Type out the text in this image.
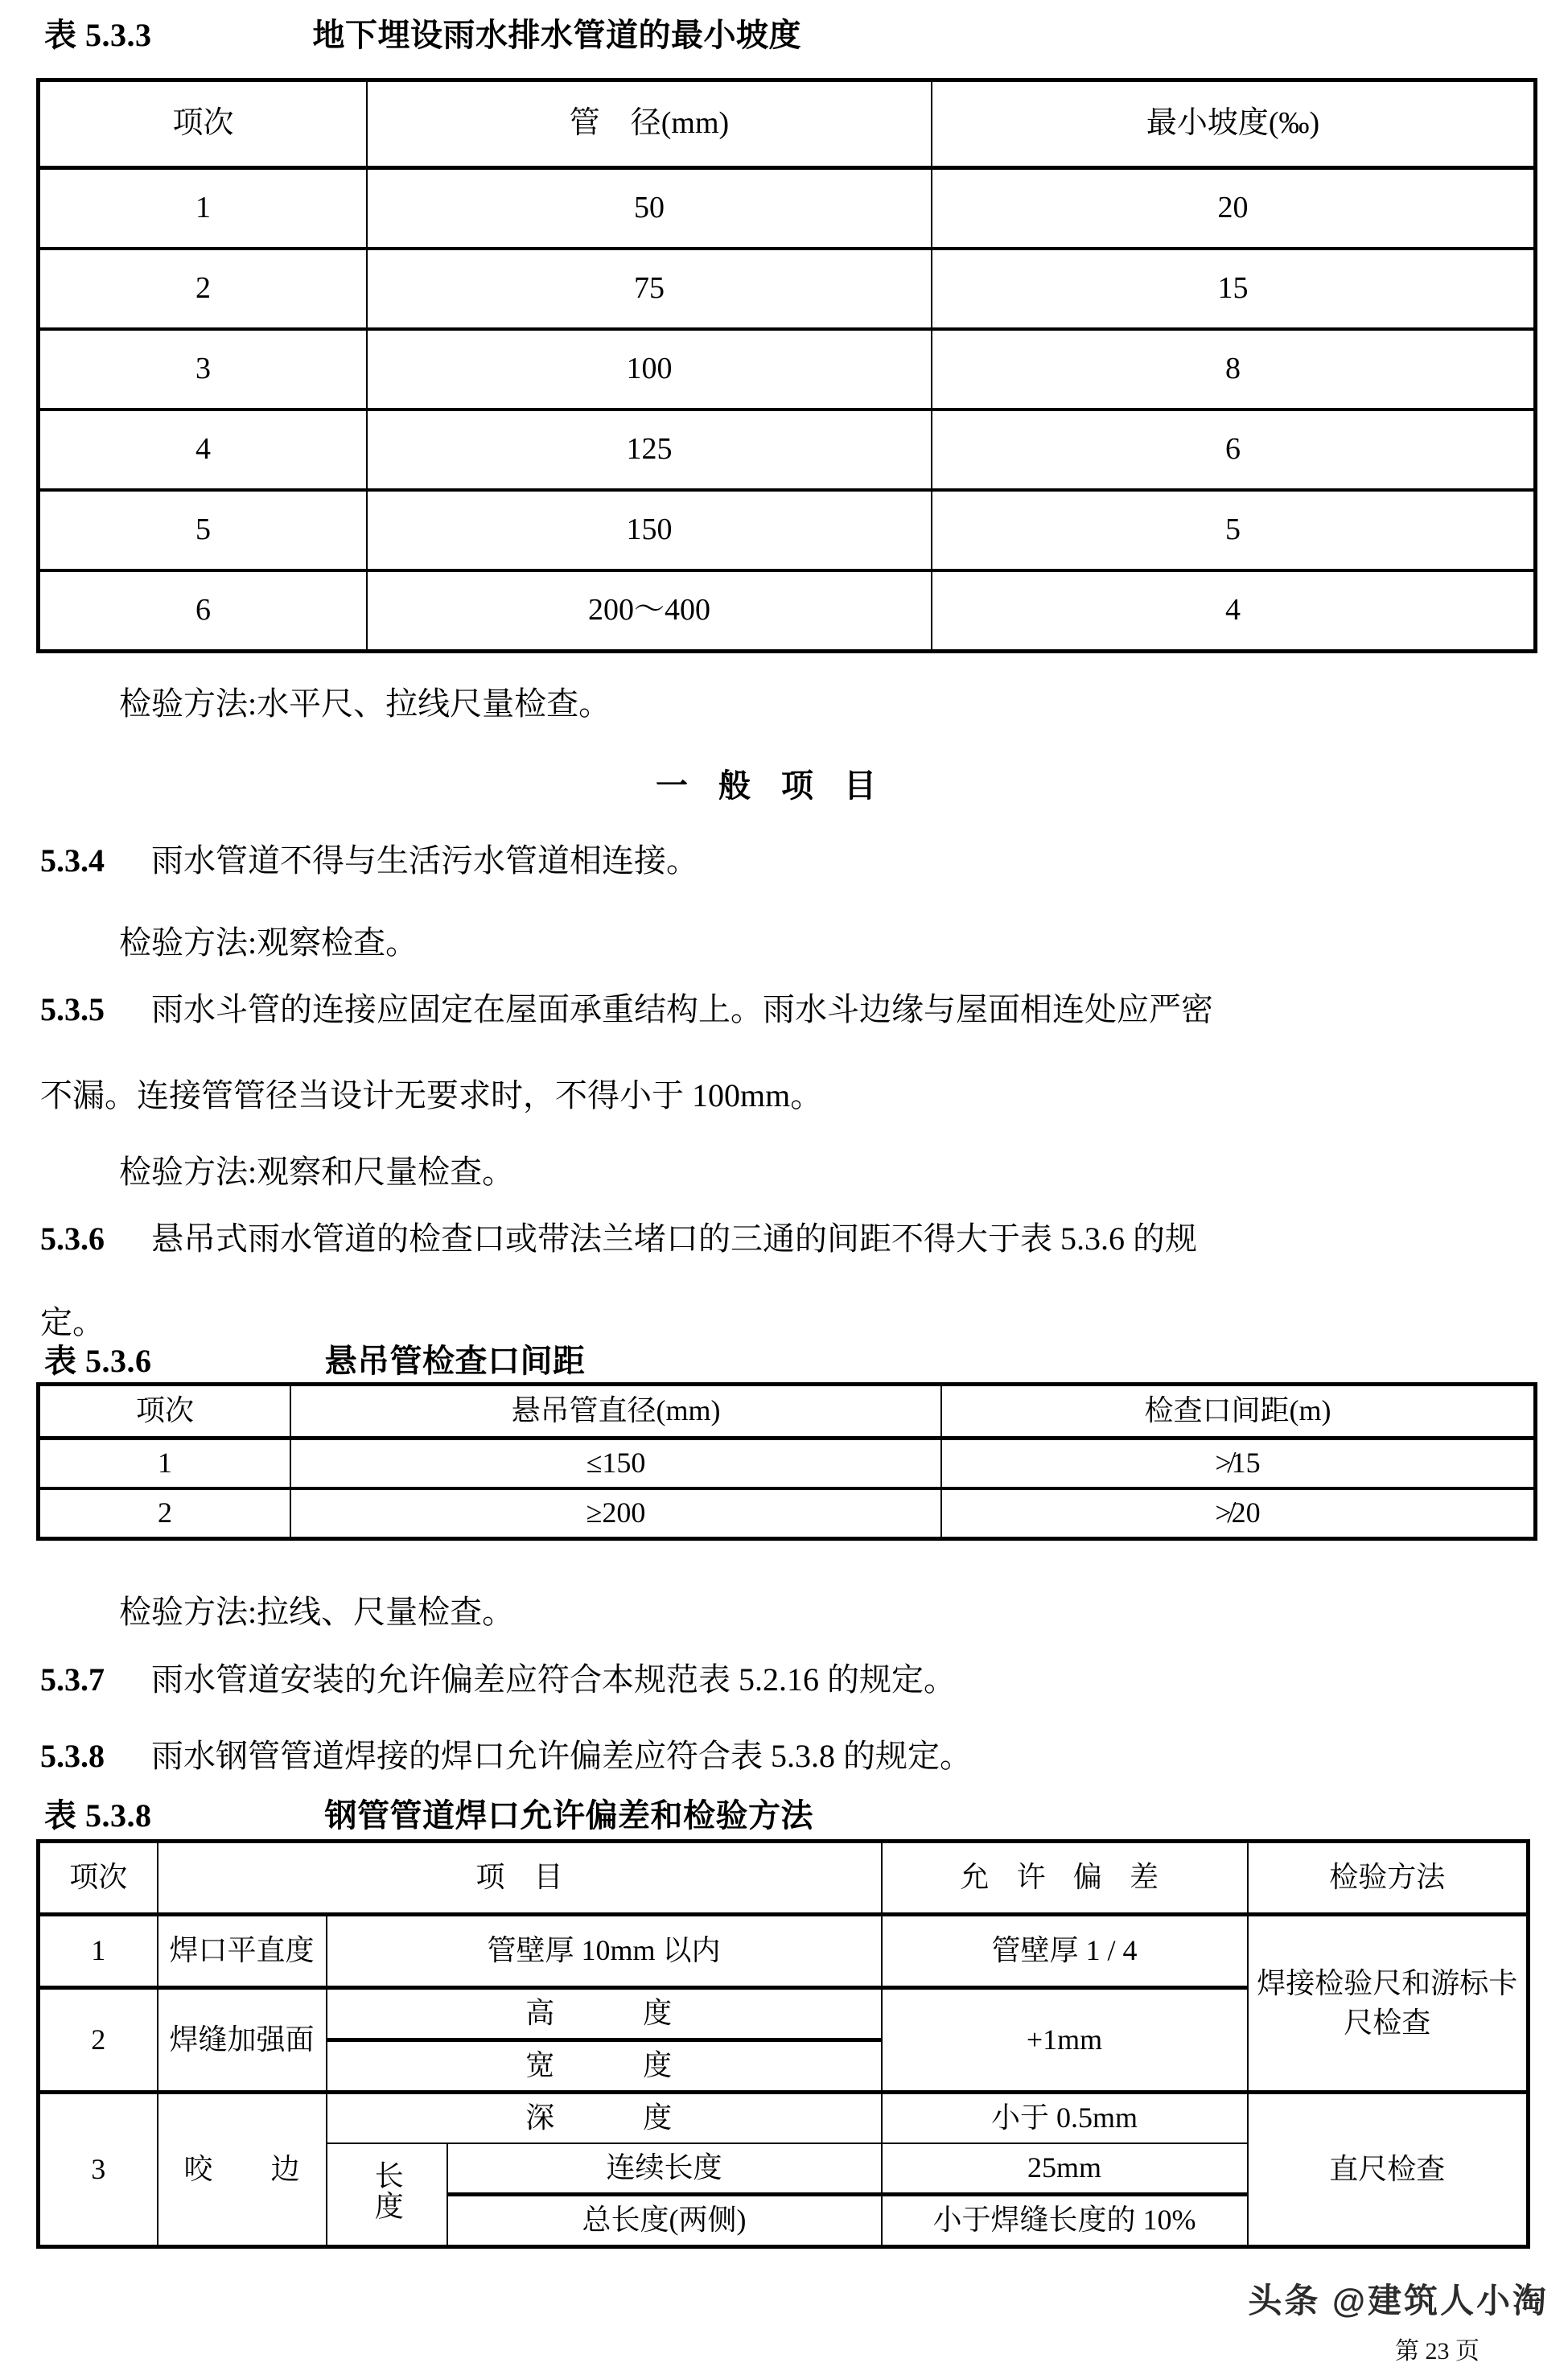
表 5.3.3	地下埋设雨水排水管道的最小坡度
项次	管　径(mm)	最小坡度(‰)
1	50	20
2	75	15
3	100	8
4	125	6
5	150	5
6	200～400	4
检验方法:水平尺、拉线尺量检查。
一 般 项 目
5.3.4 雨水管道不得与生活污水管道相连接。
检验方法:观察检查。
5.3.5 雨水斗管的连接应固定在屋面承重结构上。雨水斗边缘与屋面相连处应严密
不漏。连接管管径当设计无要求时，不得小于 100mm。
检验方法:观察和尺量检查。
5.3.6 悬吊式雨水管道的检查口或带法兰堵口的三通的间距不得大于表 5.3.6 的规
定。
表 5.3.6	悬吊管检查口间距
项次	悬吊管直径(mm)	检查口间距(m)
1	≤150	≯15
2	≥200	≯20
检验方法:拉线、尺量检查。
5.3.7 雨水管道安装的允许偏差应符合本规范表 5.2.16 的规定。
5.3.8 雨水钢管管道焊接的焊口允许偏差应符合表 5.3.8 的规定。
表 5.3.8	钢管管道焊口允许偏差和检验方法
项次	项　目			允 许 偏 差	检验方法
1	焊口平直度	管壁厚 10mm 以内		管壁厚 1 / 4	焊接检验尺和游标卡尺检查
2	焊缝加强面	高　　度		+1mm	
		宽　　度			
3	咬　　边	深　　度		小于 0.5mm	直尺检查
		长度	连续长度	25mm	
			总长度(两侧)	小于焊缝长度的 10%	
头条 @建筑人小淘
第 23 页
